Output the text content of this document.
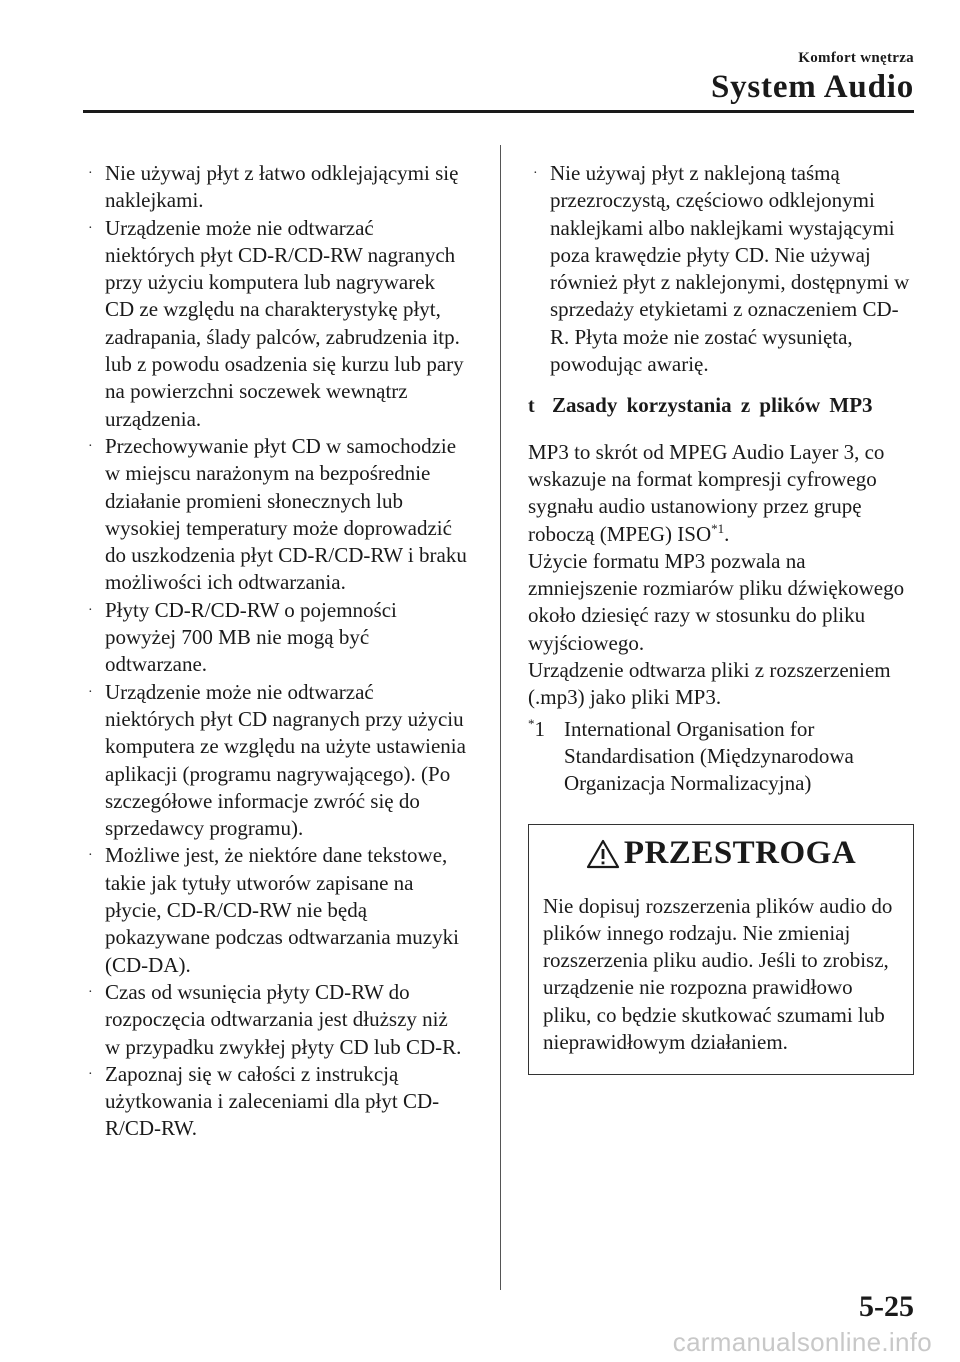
Komfort wnętrza
System Audio
· Nie używaj płyt z łatwo odklejającymi się naklejkami.
· Urządzenie może nie odtwarzać niektórych płyt CD-R/CD-RW nagranych przy użyciu komputera lub nagrywarek CD ze względu na charakterystykę płyt, zadrapania, ślady palców, zabrudzenia itp. lub z powodu osadzenia się kurzu lub pary na powierzchni soczewek wewnątrz urządzenia.
· Przechowywanie płyt CD w samochodzie w miejscu narażonym na bezpośrednie działanie promieni słonecznych lub wysokiej temperatury może doprowadzić do uszkodzenia płyt CD-R/CD-RW i braku możliwości ich odtwarzania.
· Płyty CD-R/CD-RW o pojemności powyżej 700 MB nie mogą być odtwarzane.
· Urządzenie może nie odtwarzać niektórych płyt CD nagranych przy użyciu komputera ze względu na użyte ustawienia aplikacji (programu nagrywającego). (Po szczegółowe informacje zwróć się do sprzedawcy programu).
· Możliwe jest, że niektóre dane tekstowe, takie jak tytuły utworów zapisane na płycie, CD-R/CD-RW nie będą pokazywane podczas odtwarzania muzyki (CD-DA).
· Czas od wsunięcia płyty CD-RW do rozpoczęcia odtwarzania jest dłuższy niż w przypadku zwykłej płyty CD lub CD-R.
· Zapoznaj się w całości z instrukcją użytkowania i zaleceniami dla płyt CD-R/CD-RW.
· Nie używaj płyt z naklejoną taśmą przezroczystą, częściowo odklejonymi naklejkami albo naklejkami wystającymi poza krawędzie płyty CD. Nie używaj również płyt z naklejonymi, dostępnymi w sprzedaży etykietami z oznaczeniem CD-R. Płyta może nie zostać wysunięta, powodując awarię.
t Zasady korzystania z plików MP3

MP3 to skrót od MPEG Audio Layer 3, co wskazuje na format kompresji cyfrowego sygnału audio ustanowiony przez grupę roboczą (MPEG) ISO$^{*1}$.

Użycie formatu MP3 pozwala na zmniejszenie rozmiarów pliku dźwiękowego około dziesięć razy w stosunku do pliku wyjściowego.

Urządzenie odtwarza pliki z rozszerzeniem (.mp3) jako pliki MP3.

*1 International Organisation for Standardisation (Międzynarodowa Organizacja Normalizacyjna)
PRZESTROGA
Nie dopisuj rozszerzenia plików audio do plików innego rodzaju. Nie zmieniaj rozszerzenia pliku audio. Jeśli to zrobisz, urządzenie nie rozpozna prawidłowo pliku, co będzie skutkować szumami lub nieprawidłowym działaniem.
5-25
carmanualsonline.info
